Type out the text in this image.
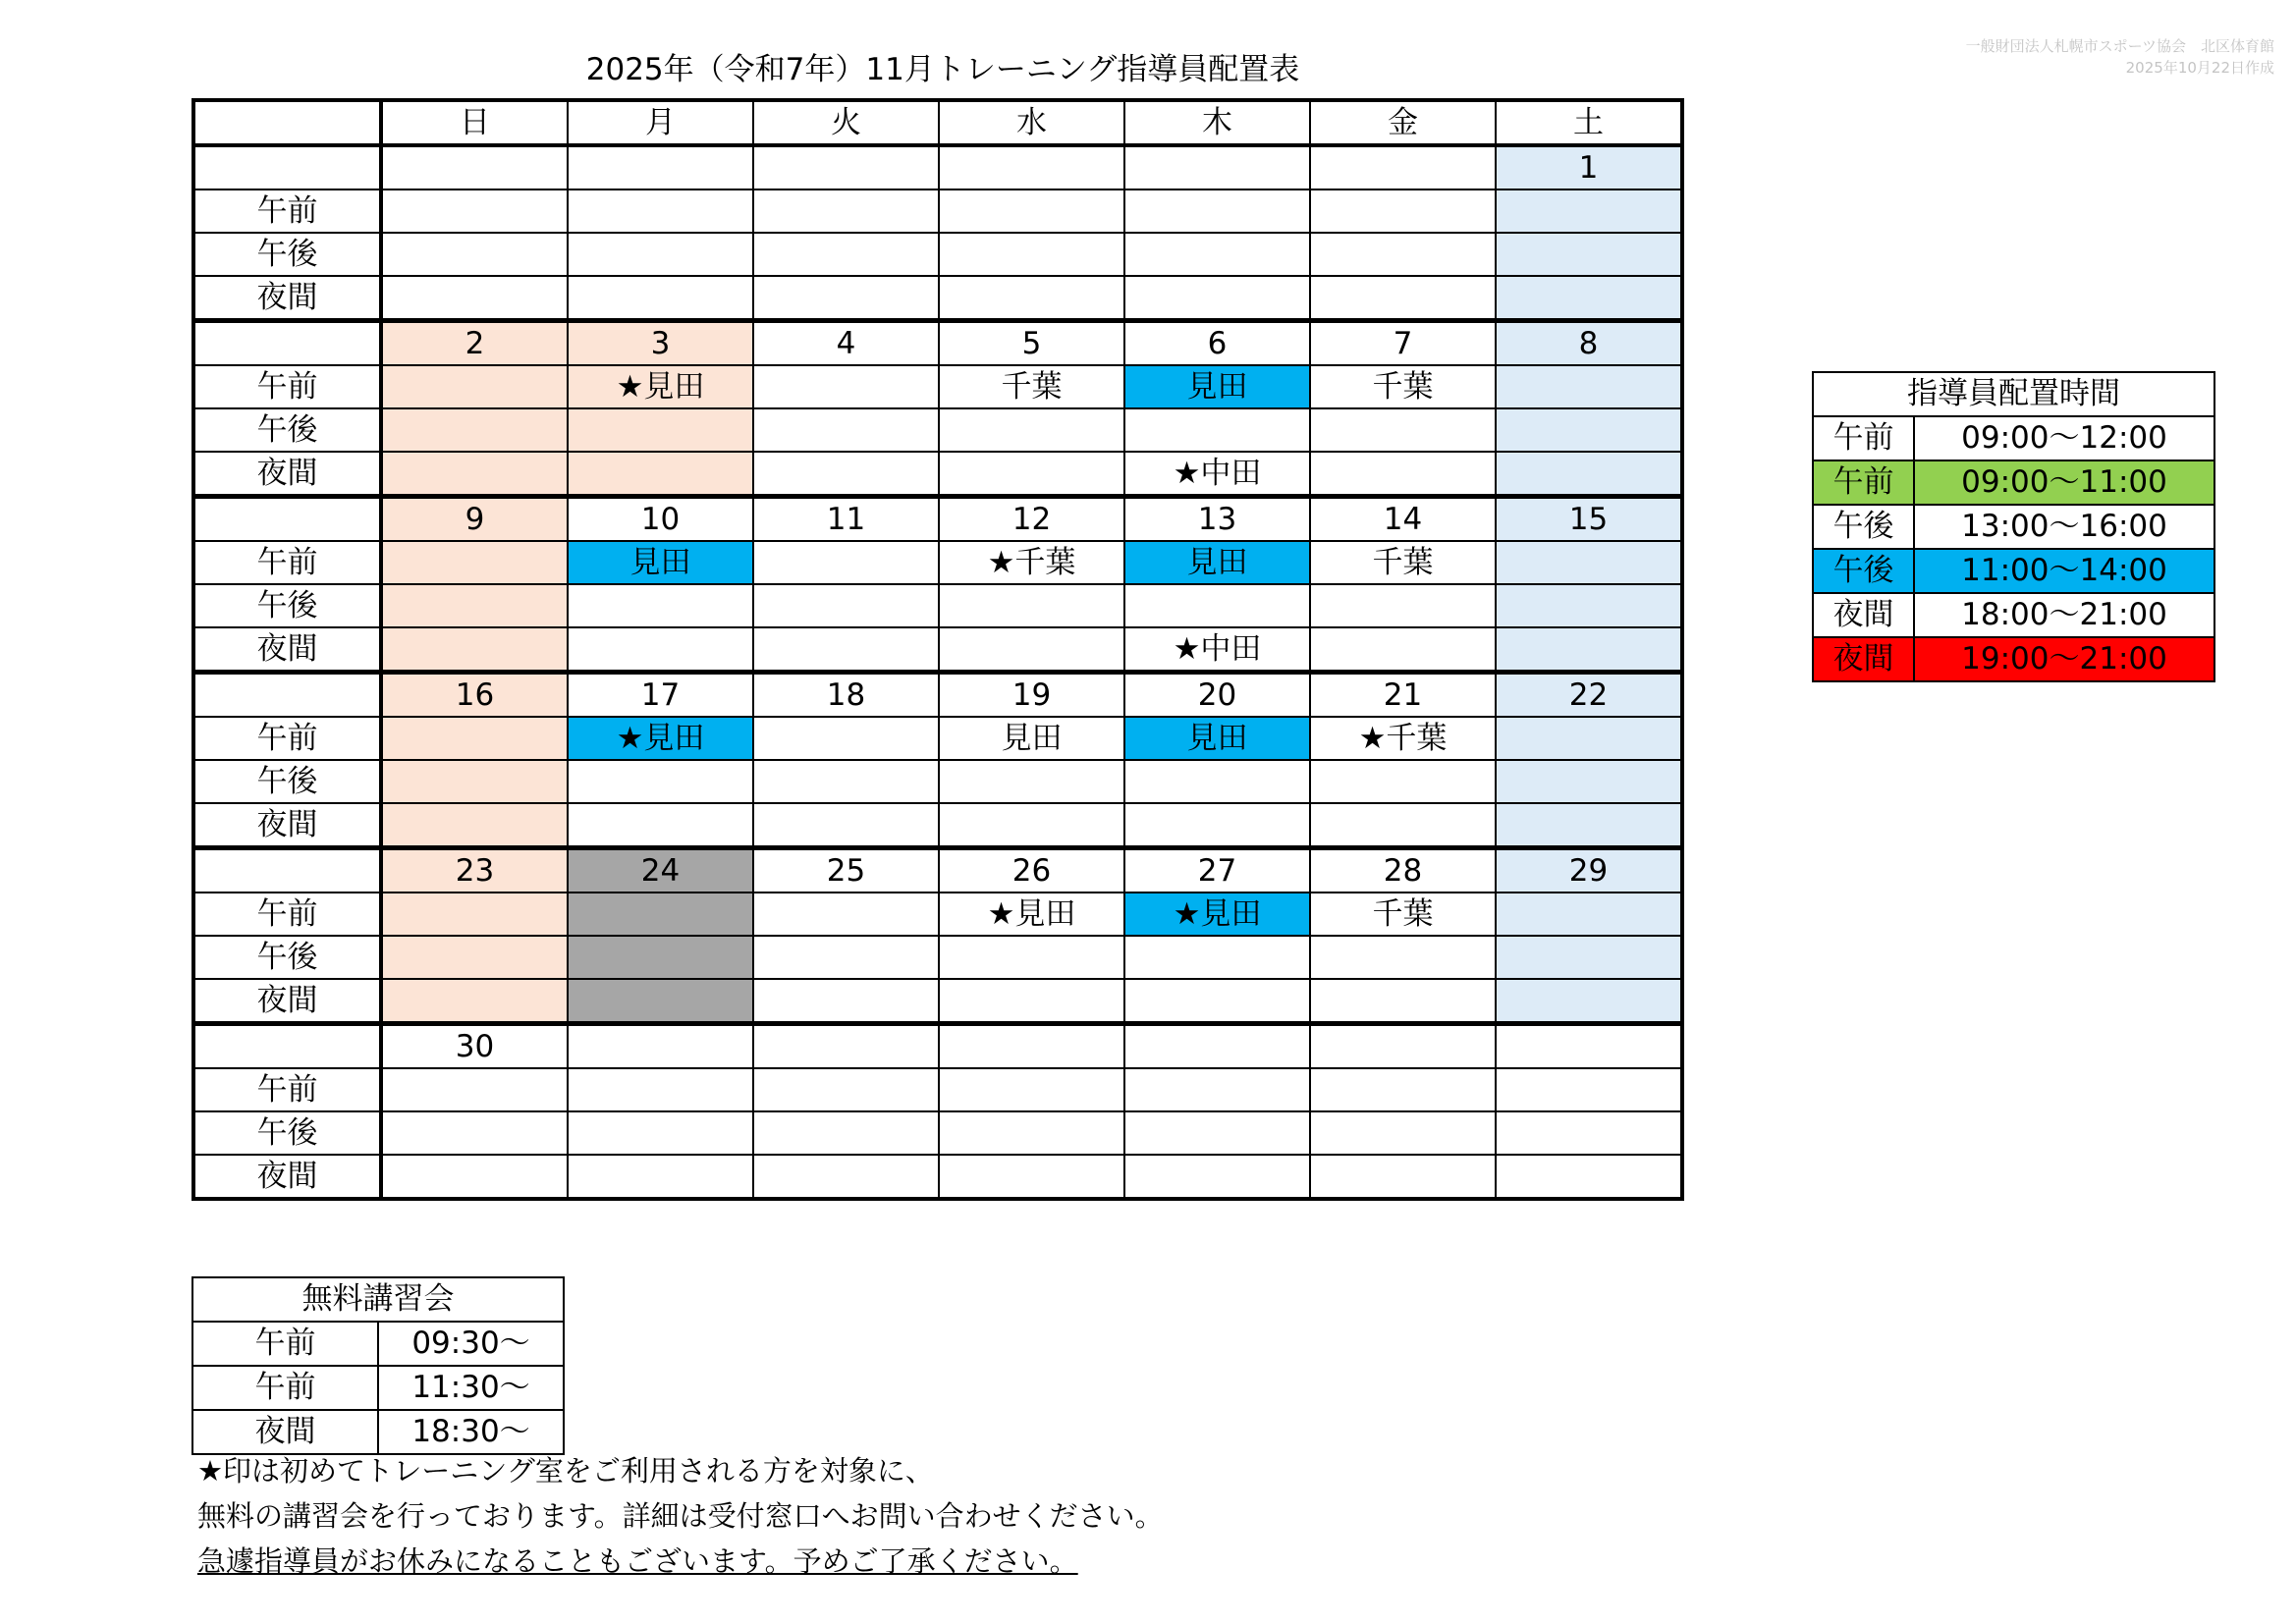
2025年（令和7年）11月トレーニング指導員配置表
一般財団法人札幌市スポーツ協会　北区体育館
2025年10月22日作成
	日	月	火	水	木	金	土
							1
午前							
午後							
夜間							
	2	3	4	5	6	7	8
午前		★見田		千葉	見田	千葉	
午後							
夜間					★中田		
	9	10	11	12	13	14	15
午前		見田		★千葉	見田	千葉	
午後							
夜間					★中田		
	16	17	18	19	20	21	22
午前		★見田		見田	見田	★千葉	
午後							
夜間							
	23	24	25	26	27	28	29
午前				★見田	★見田	千葉	
午後							
夜間							
	30						
午前							
午後							
夜間							
指導員配置時間	
午前	09:00～12:00
午前	09:00～11:00
午後	13:00～16:00
午後	11:00～14:00
夜間	18:00～21:00
夜間	19:00～21:00
無料講習会	
午前	09:30～
午前	11:30～
夜間	18:30～
★印は初めてトレーニング室をご利用される方を対象に、
無料の講習会を行っております。詳細は受付窓口へお問い合わせください。
急遽指導員がお休みになることもございます。予めご了承ください。
